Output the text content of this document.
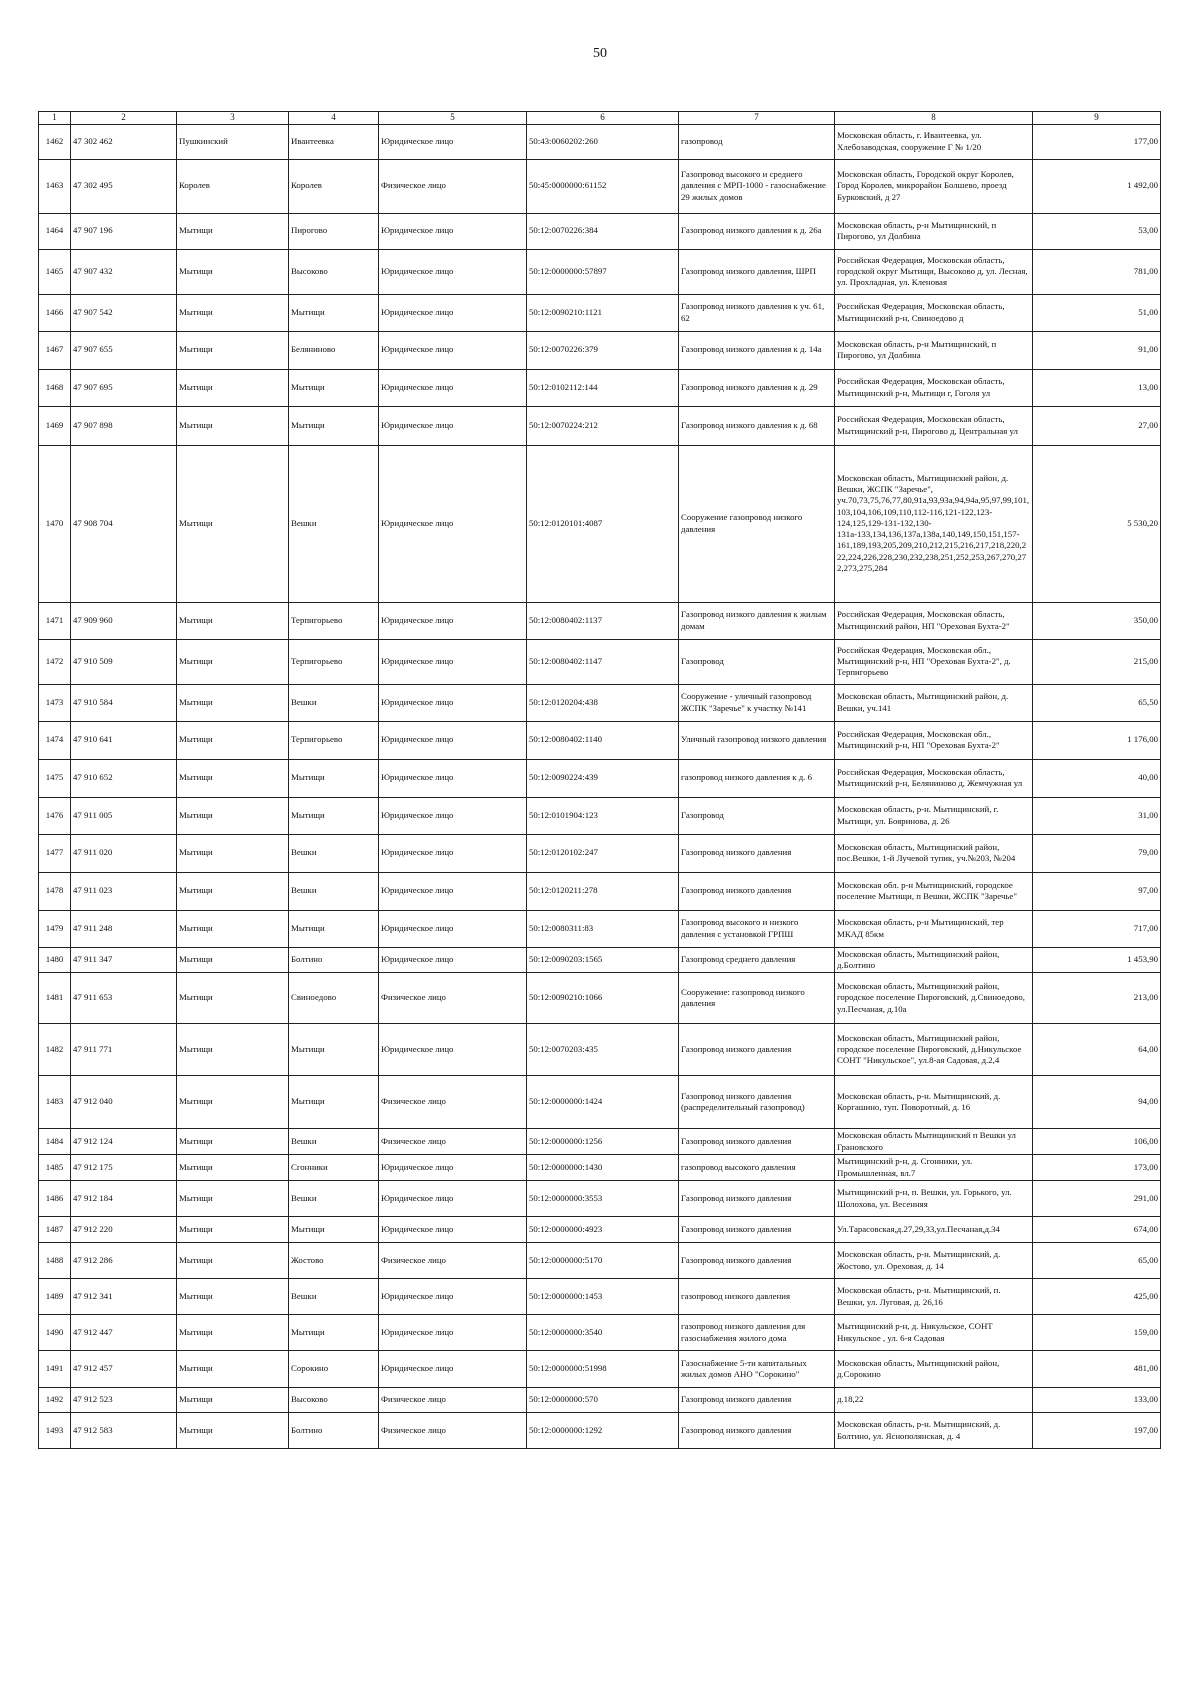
50
1	2	3	4	5	6	7	8	9
1462	47 302 462	Пушкинский	Ивантеевка	Юридическое лицо	50:43:0060202:260	газопровод	Московская область, г. Ивантеевка, ул. Хлебозаводская, сооружение Г № 1/20	177,00
1463	47 302 495	Королев	Королев	Физическое лицо	50:45:0000000:61152	Газопровод высокого и среднего давления с МРП-1000 - газоснабжение 29 жилых домов	Московская область, Городской округ Королев, Город Королев, микрорайон Болшево, проезд Бурковский, д 27	1 492,00
1464	47 907 196	Мытищи	Пирогово	Юридическое лицо	50:12:0070226:384	Газопровод низкого давления к д. 26а	Московская область, р-н Мытищинский, п Пирогово, ул Долбина	53,00
1465	47 907 432	Мытищи	Высоково	Юридическое лицо	50:12:0000000:57897	Газопровод низкого давления, ШРП	Российская Федерация, Московская область, городской округ Мытищи, Высоково д, ул. Лесная, ул. Прохладная, ул. Кленовая	781,00
1466	47 907 542	Мытищи	Мытищи	Юридическое лицо	50:12:0090210:1121	Газопровод низкого давления к уч. 61, 62	Российская Федерация, Московская область, Мытищинский р-н, Свиноедово д	51,00
1467	47 907 655	Мытищи	Беляниново	Юридическое лицо	50:12:0070226:379	Газопровод низкого давления к д. 14а	Московская область, р-н Мытищинский, п Пирогово, ул Долбина	91,00
1468	47 907 695	Мытищи	Мытищи	Юридическое лицо	50:12:0102112:144	Газопровод низкого давления к д. 29	Российская Федерация, Московская область, Мытищинский р-н, Мытищи г, Гоголя ул	13,00
1469	47 907 898	Мытищи	Мытищи	Юридическое лицо	50:12:0070224:212	Газопровод низкого давления к д. 68	Российская Федерация, Московская область, Мытищинский р-н, Пирогово д, Центральная ул	27,00
1470	47 908 704	Мытищи	Вешки	Юридическое лицо	50:12:0120101:4087	Сооружение газопровод низкого давления	Московская область, Мытищинский район, д. Вешки, ЖСПК "Заречье", уч.70,73,75,76,77,80,91а,93,93а,94,94а,95,97,99,101,103,104,106,109,110,112-116,121-122,123-124,125,129-131-132,130-131а-133,134,136,137а,138а,140,149,150,151,157-161,189,193,205,209,210,212,215,216,217,218,220,222,224,226,228,230,232,238,251,252,253,267,270,272,273,275,284	5 530,20
1471	47 909 960	Мытищи	Терпигорьево	Юридическое лицо	50:12:0080402:1137	Газопровод низкого давления к жилым домам	Российская Федерация, Московская область, Мытищинский район, НП "Ореховая Бухта-2"	350,00
1472	47 910 509	Мытищи	Терпигорьево	Юридическое лицо	50:12:0080402:1147	Газопровод	Российская Федерация, Московская обл., Мытищинский р-н, НП "Ореховая Бухта-2", д. Терпигорьево	215,00
1473	47 910 584	Мытищи	Вешки	Юридическое лицо	50:12:0120204:438	Сооружение - уличный газопровод ЖСПК "Заречье" к участку №141	Московская область, Мытищинский район, д. Вешки, уч.141	65,50
1474	47 910 641	Мытищи	Терпигорьево	Юридическое лицо	50:12:0080402:1140	Уличный газопровод низкого давления	Российская Федерация, Московская обл., Мытищинский р-н, НП "Ореховая Бухта-2"	1 176,00
1475	47 910 652	Мытищи	Мытищи	Юридическое лицо	50:12:0090224:439	газопровод низкого давления к д. 6	Российская Федерация, Московская область, Мытищинский р-н, Беляниново д, Жемчужная ул	40,00
1476	47 911 005	Мытищи	Мытищи	Юридическое лицо	50:12:0101904:123	Газопровод	Московская область, р-н. Мытищинский, г. Мытищи, ул. Бояринова, д. 26	31,00
1477	47 911 020	Мытищи	Вешки	Юридическое лицо	50:12:0120102:247	Газопровод низкого давления	Московская область, Мытищинский район, пос.Вешки, 1-й Лучевой тупик, уч.№203, №204	79,00
1478	47 911 023	Мытищи	Вешки	Юридическое лицо	50:12:0120211:278	Газопровод низкого давления	Московская обл. р-н Мытищинский, городское поселение Мытищи, п Вешки, ЖСПК "Заречье"	97,00
1479	47 911 248	Мытищи	Мытищи	Юридическое лицо	50:12:0080311:83	Газопровод высокого и низкого давления с установкой ГРПШ	Московская область, р-н Мытищинский, тер МКАД 85км	717,00
1480	47 911 347	Мытищи	Болтино	Юридическое лицо	50:12:0090203:1565	Газопровод среднего давления	Московская область, Мытищинский район, д.Болтино	1 453,90
1481	47 911 653	Мытищи	Свиноедово	Физическое лицо	50:12:0090210:1066	Сооружение: газопровод низкого давления	Московская область, Мытищинский район, городское поселение Пироговский, д.Свиноедово, ул.Песчаная, д.10а	213,00
1482	47 911 771	Мытищи	Мытищи	Юридическое лицо	50:12:0070203:435	Газопровод низкого давления	Московская область, Мытищинский район, городское поселение Пироговский, д.Никульское СОНТ "Никульское", ул.8-ая Садовая, д.2,4	64,00
1483	47 912 040	Мытищи	Мытищи	Физическое лицо	50:12:0000000:1424	Газопровод низкого давления (распределительный газопровод)	Московская область, р-н. Мытищинский, д. Коргашино, туп. Поворотный, д. 16	94,00
1484	47 912 124	Мытищи	Вешки	Физическое лицо	50:12:0000000:1256	Газопровод низкого давления	Московская область Мытищинский п Вешки ул Грановского	106,00
1485	47 912 175	Мытищи	Сгонники	Юридическое лицо	50:12:0000000:1430	газопровод высокого давления	Мытищинский р-н, д. Сгонники, ул. Промышленная, вл.7	173,00
1486	47 912 184	Мытищи	Вешки	Юридическое лицо	50:12:0000000:3553	Газопровод низкого давления	Мытищинский р-н, п. Вешки, ул. Горького, ул. Шолохова, ул. Весенняя	291,00
1487	47 912 220	Мытищи	Мытищи	Юридическое лицо	50:12:0000000:4923	Газопровод низкого давления	Ул.Тарасовская,д.27,29,33,ул.Песчаная,д.34	674,00
1488	47 912 286	Мытищи	Жостово	Физическое лицо	50:12:0000000:5170	Газопровод низкого давления	Московская область, р-н. Мытищинский, д. Жостово, ул. Ореховая, д. 14	65,00
1489	47 912 341	Мытищи	Вешки	Юридическое лицо	50:12:0000000:1453	газопровод низкого давления	Московская область, р-н. Мытищинский, п. Вешки, ул. Луговая, д. 26,16	425,00
1490	47 912 447	Мытищи	Мытищи	Юридическое лицо	50:12:0000000:3540	газопровод низкого давления для газоснабжения жилого дома	Мытищинский р-н, д. Никульское, СОНТ Никульское , ул. 6-я Садовая	159,00
1491	47 912 457	Мытищи	Сорокино	Юридическое лицо	50:12:0000000:51998	Газоснабжение 5-ти капитальных жилых домов АНО "Сорокино"	Московская область, Мытищинский район, д.Сорокино	481,00
1492	47 912 523	Мытищи	Высоково	Физическое лицо	50:12:0000000:570	Газопровод низкого давления	д.18,22	133,00
1493	47 912 583	Мытищи	Болтино	Физическое лицо	50:12:0000000:1292	Газопровод низкого давления	Московская область, р-н. Мытищинский, д. Болтино, ул. Яснополянская, д. 4	197,00
